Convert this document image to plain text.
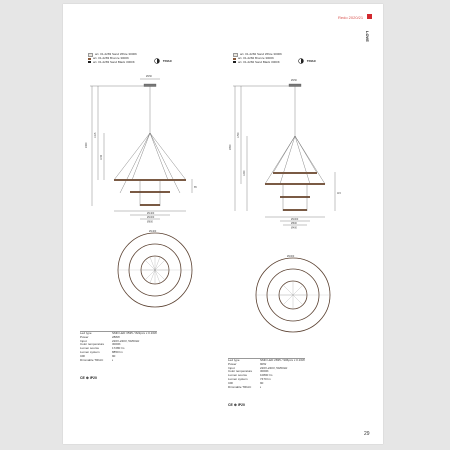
Redo 2020/21
LOVE
art. 01-2283 Sand White 3000K
art. 01-2283 Bronze 3000K
art. 01-2283 Sand Black 3000K	TRIAC
art. 01-2282 Sand White 3000K
art. 01-2282 Bronze 3000K
art. 01-2282 Sand Black 3000K	TRIAC
Ø150
2000
1315
1150
Ø1400
Ø1000
Ø600
85
Ø1400
Ø150
2950
1750
1200
Ø1000
Ø600
Ø400
115
Ø1000
Led type	SMD LED 3535 / 822pcs x 0.16W
Power	288W
Input	220V-240V, 50/60Hz
Color temperature	3000K
Lumen source	17280 lm
Lumen system	8850 lm
CRI	90
Dimmable TRIAC	◐
CE ⊕ IP20
Led type	SMD LED 2835 / 906pcs x 0.16W
Power	90W
Input	220V-240V, 50/60Hz
Color temperature	3000K
Lumen source	10800 lm
Lumen system	7470 lm
CRI	90
Dimmable TRIAC	◐
CE ⊕ IP20
29
